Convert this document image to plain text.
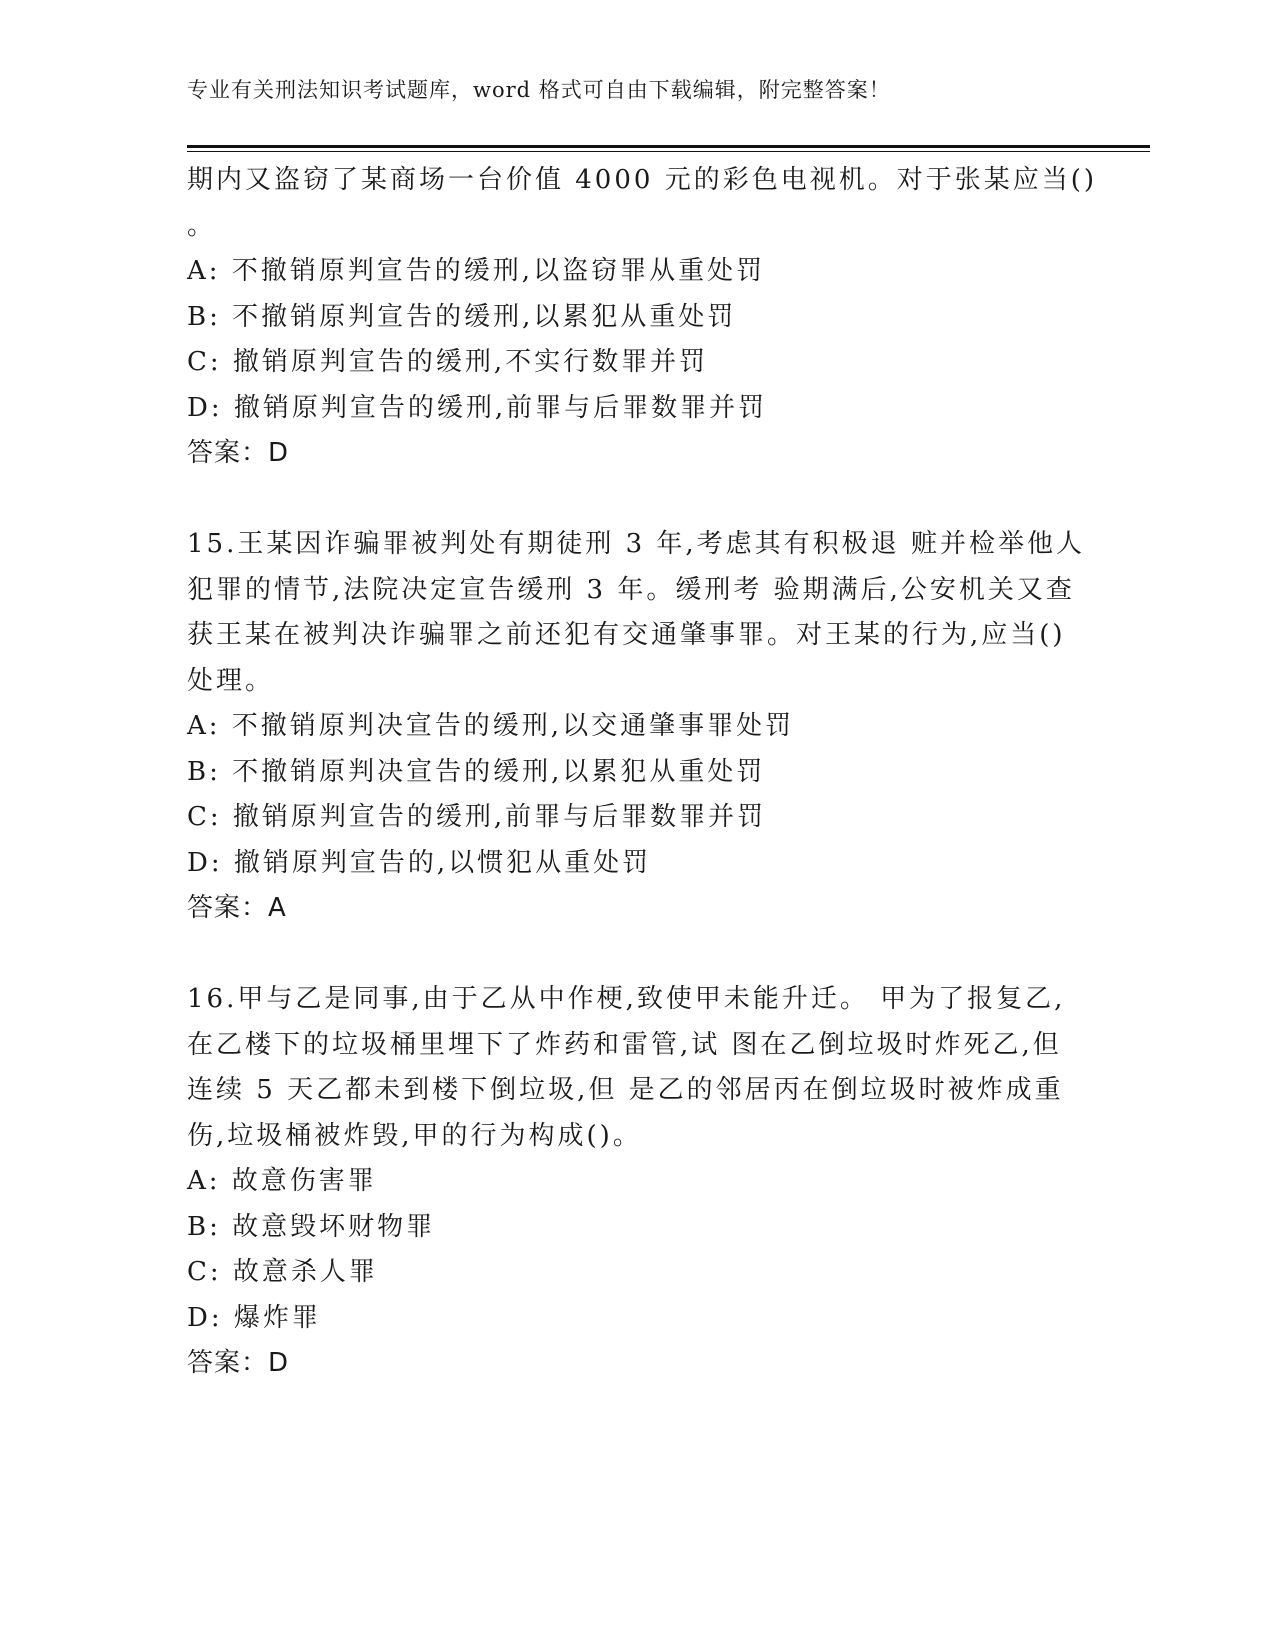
专业有关刑法知识考试题库，word 格式可自由下载编辑，附完整答案！
期内又盗窃了某商场一台价值 4000 元的彩色电视机。对于张某应当()
。
A: 不撤销原判宣告的缓刑,以盗窃罪从重处罚
B: 不撤销原判宣告的缓刑,以累犯从重处罚
C: 撤销原判宣告的缓刑,不实行数罪并罚
D: 撤销原判宣告的缓刑,前罪与后罪数罪并罚
答案：D
15.王某因诈骗罪被判处有期徒刑 3 年,考虑其有积极退 赃并检举他人
犯罪的情节,法院决定宣告缓刑 3 年。缓刑考 验期满后,公安机关又查
获王某在被判决诈骗罪之前还犯有交通肇事罪。对王某的行为,应当()
处理。
A: 不撤销原判决宣告的缓刑,以交通肇事罪处罚
B: 不撤销原判决宣告的缓刑,以累犯从重处罚
C: 撤销原判宣告的缓刑,前罪与后罪数罪并罚
D: 撤销原判宣告的,以惯犯从重处罚
答案：A
16.甲与乙是同事,由于乙从中作梗,致使甲未能升迁。 甲为了报复乙,
在乙楼下的垃圾桶里埋下了炸药和雷管,试 图在乙倒垃圾时炸死乙,但
连续 5 天乙都未到楼下倒垃圾,但 是乙的邻居丙在倒垃圾时被炸成重
伤,垃圾桶被炸毁,甲的行为构成()。
A: 故意伤害罪
B: 故意毁坏财物罪
C: 故意杀人罪
D: 爆炸罪
答案：D
